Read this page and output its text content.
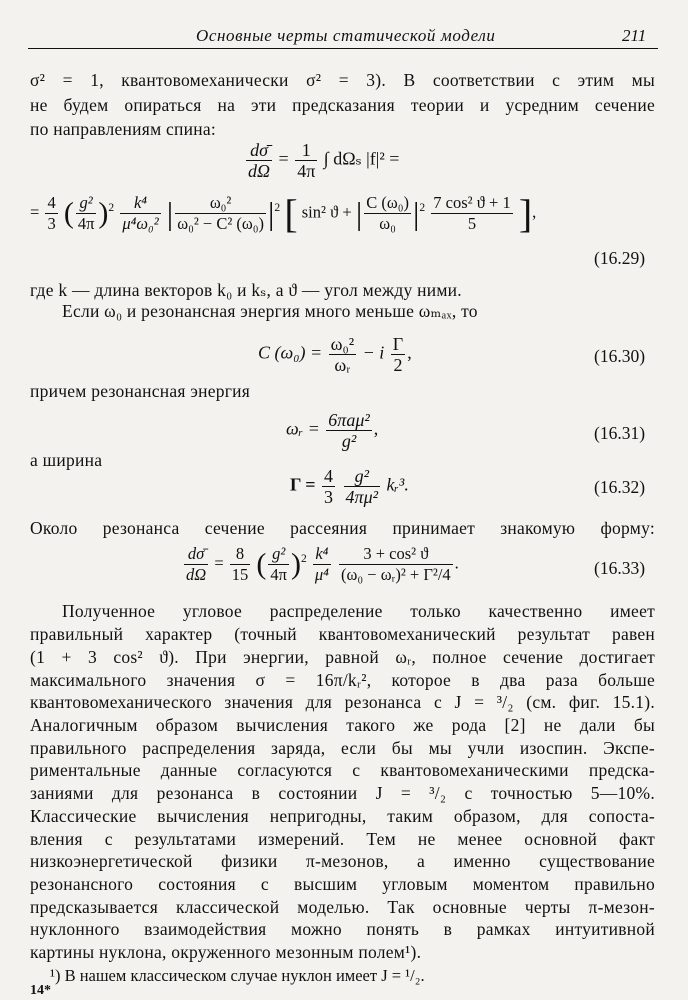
Основные черты статической модели	211
σ² = 1, квантовомеханически σ² = 3). В соответствии с этим мы
не будем опираться на эти предсказания теории и усредним сечение
по направлениям спина:
$\frac{d\sigmā}{d\Omega} = \frac{1}{4\pi}$ ∫ dΩₛ |f|² =
= $\frac{4}{3}$ ( $\frac{\text{g²}}{4\pi} )^2 \frac{\text{k⁴}}{\text{μ⁴ω₀²}}$ | $\frac{\text{ω₀²}}{\text{ω₀² − C² (ω₀)}} |^2$ [ sin² ϑ + | $\frac{\text{C (ω₀)}}{\text{ω₀}} |^2 \frac{\text{7 cos² ϑ + 1}}{5}$ ],
(16.29)
где k — длина векторов k₀ и kₛ, а ϑ — угол между ними.
Если ω₀ и резонансная энергия много меньше ωₘₐₓ, то
C $(\omega_0) = \frac{\text{ω₀²}}{\text{ωᵣ}} - i \frac{\Gamma}{2}$ ,	(16.30)
причем резонансная энергия
ωᵣ = $\frac{\text{6πaμ²}}{\text{g²}}$ ,	(16.31)
а ширина
$\Gamma = \frac{4}{3}$
$\frac{\text{g²}}{\text{4πμ²}}$ kᵣ³.	(16.32)
Около резонанса сечение рассеяния принимает знакомую форму:
$\frac{d\sigmā}{d\Omega} = \frac{8}{15}$ ( $\frac{\text{g²}}{4\pi} )^2 \frac{\text{k⁴}}{\text{μ⁴}}$
$\frac{\text{3 + cos² ϑ}}{\text{(ω₀ − ωᵣ)² + Γ²/4}}$ .	(16.33)
Полученное угловое распределение только качественно имеет
правильный характер (точный квантовомеханический результат равен
(1 + 3 cos² ϑ). При энергии, равной ωᵣ, полное сечение достигает
максимального значения σ = 16π/kᵣ², которое в два раза больше
квантовомеханического значения для резонанса с J = ³/₂ (см. фиг. 15.1).
Аналогичным образом вычисления такого же рода [2] не дали бы
правильного распределения заряда, если бы мы учли изоспин. Экспе-
риментальные данные согласуются с квантовомеханическими предска-
заниями для резонанса в состоянии J = ³/₂ с точностью 5—10%.
Классические вычисления непригодны, таким образом, для сопоста-
вления с результатами измерений. Тем не менее основной факт
низкоэнергетической физики π-мезонов, а именно существование
резонансного состояния с высшим угловым моментом правильно
предсказывается классической моделью. Так основные черты π-мезон-
нуклонного взаимодействия можно понять в рамках интуитивной
картины нуклона, окруженного мезонным полем¹).
¹) В нашем классическом случае нуклон имеет J = ¹/₂.
14*
